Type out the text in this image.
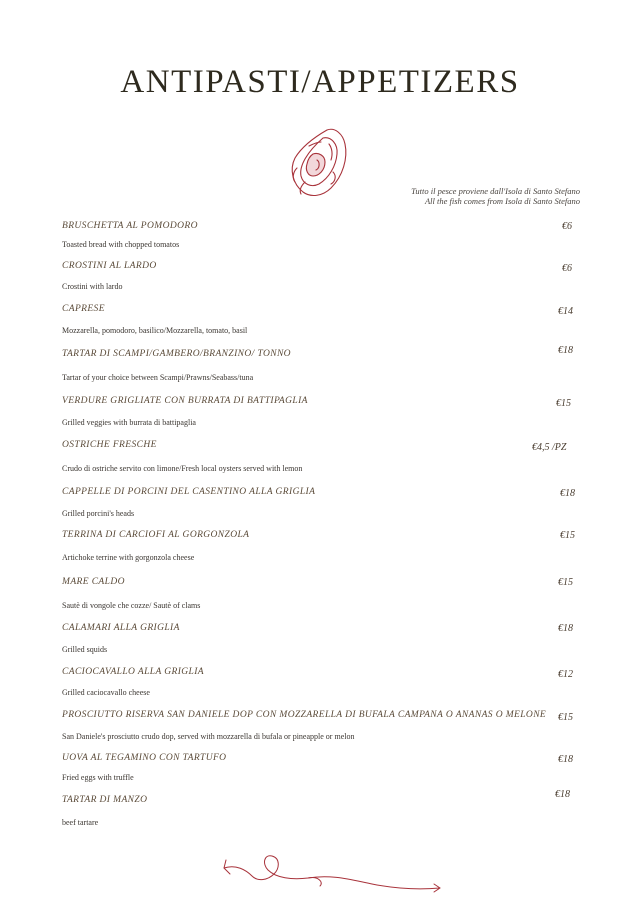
ANTIPASTI/APPETIZERS
Tutto il pesce proviene dall'Isola di Santo Stefano
All the fish comes from Isola di Santo Stefano
BRUSCHETTA AL POMODORO
Toasted bread with chopped tomatos
€6
CROSTINI AL LARDO
Crostini with lardo
€6
CAPRESE
Mozzarella, pomodoro, basilico/Mozzarella, tomato, basil
€14
TARTAR DI SCAMPI/GAMBERO/BRANZINO/ TONNO
Tartar of your choice between Scampi/Prawns/Seabass/tuna
€18
VERDURE GRIGLIATE CON BURRATA DI BATTIPAGLIA
Grilled veggies with burrata di battipaglia
€15
OSTRICHE FRESCHE
Crudo di ostriche servito con limone/Fresh local oysters served with lemon
€4,5 /PZ
CAPPELLE DI PORCINI DEL CASENTINO ALLA GRIGLIA
Grilled porcini's heads
€18
TERRINA DI CARCIOFI AL GORGONZOLA
Artichoke terrine with gorgonzola cheese
€15
MARE CALDO
Sautè di vongole che cozze/ Sautè of clams
€15
CALAMARI ALLA GRIGLIA
Grilled squids
€18
CACIOCAVALLO ALLA GRIGLIA
Grilled caciocavallo cheese
€12
PROSCIUTTO RISERVA SAN DANIELE DOP CON MOZZARELLA DI BUFALA CAMPANA O ANANAS O MELONE
San Daniele's prosciutto crudo dop, served with mozzarella di bufala or pineapple or melon
€15
UOVA AL TEGAMINO CON TARTUFO
Fried eggs with truffle
€18
TARTAR DI MANZO
beef tartare
€18
